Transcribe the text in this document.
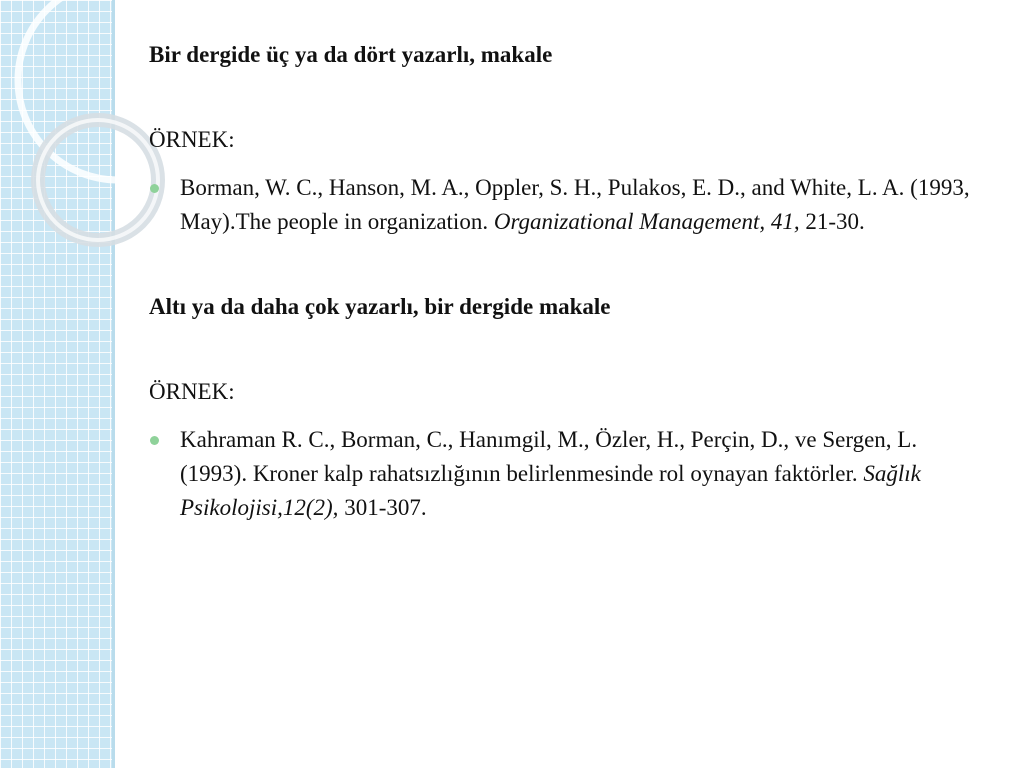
Bir dergide üç ya da dört yazarlı, makale

ÖRNEK:

Borman, W. C., Hanson, M. A., Oppler, S. H., Pulakos, E. D., and White, L. A. (1993, May).The people in organization. Organizational Management, 41, 21-30.

Altı ya da daha çok yazarlı, bir dergide makale

ÖRNEK:

Kahraman R. C., Borman, C., Hanımgil, M., Özler, H., Perçin, D., ve Sergen, L. (1993). Kroner kalp rahatsızlığının belirlenmesinde rol oynayan faktörler. Sağlık Psikolojisi,12(2), 301-307.
